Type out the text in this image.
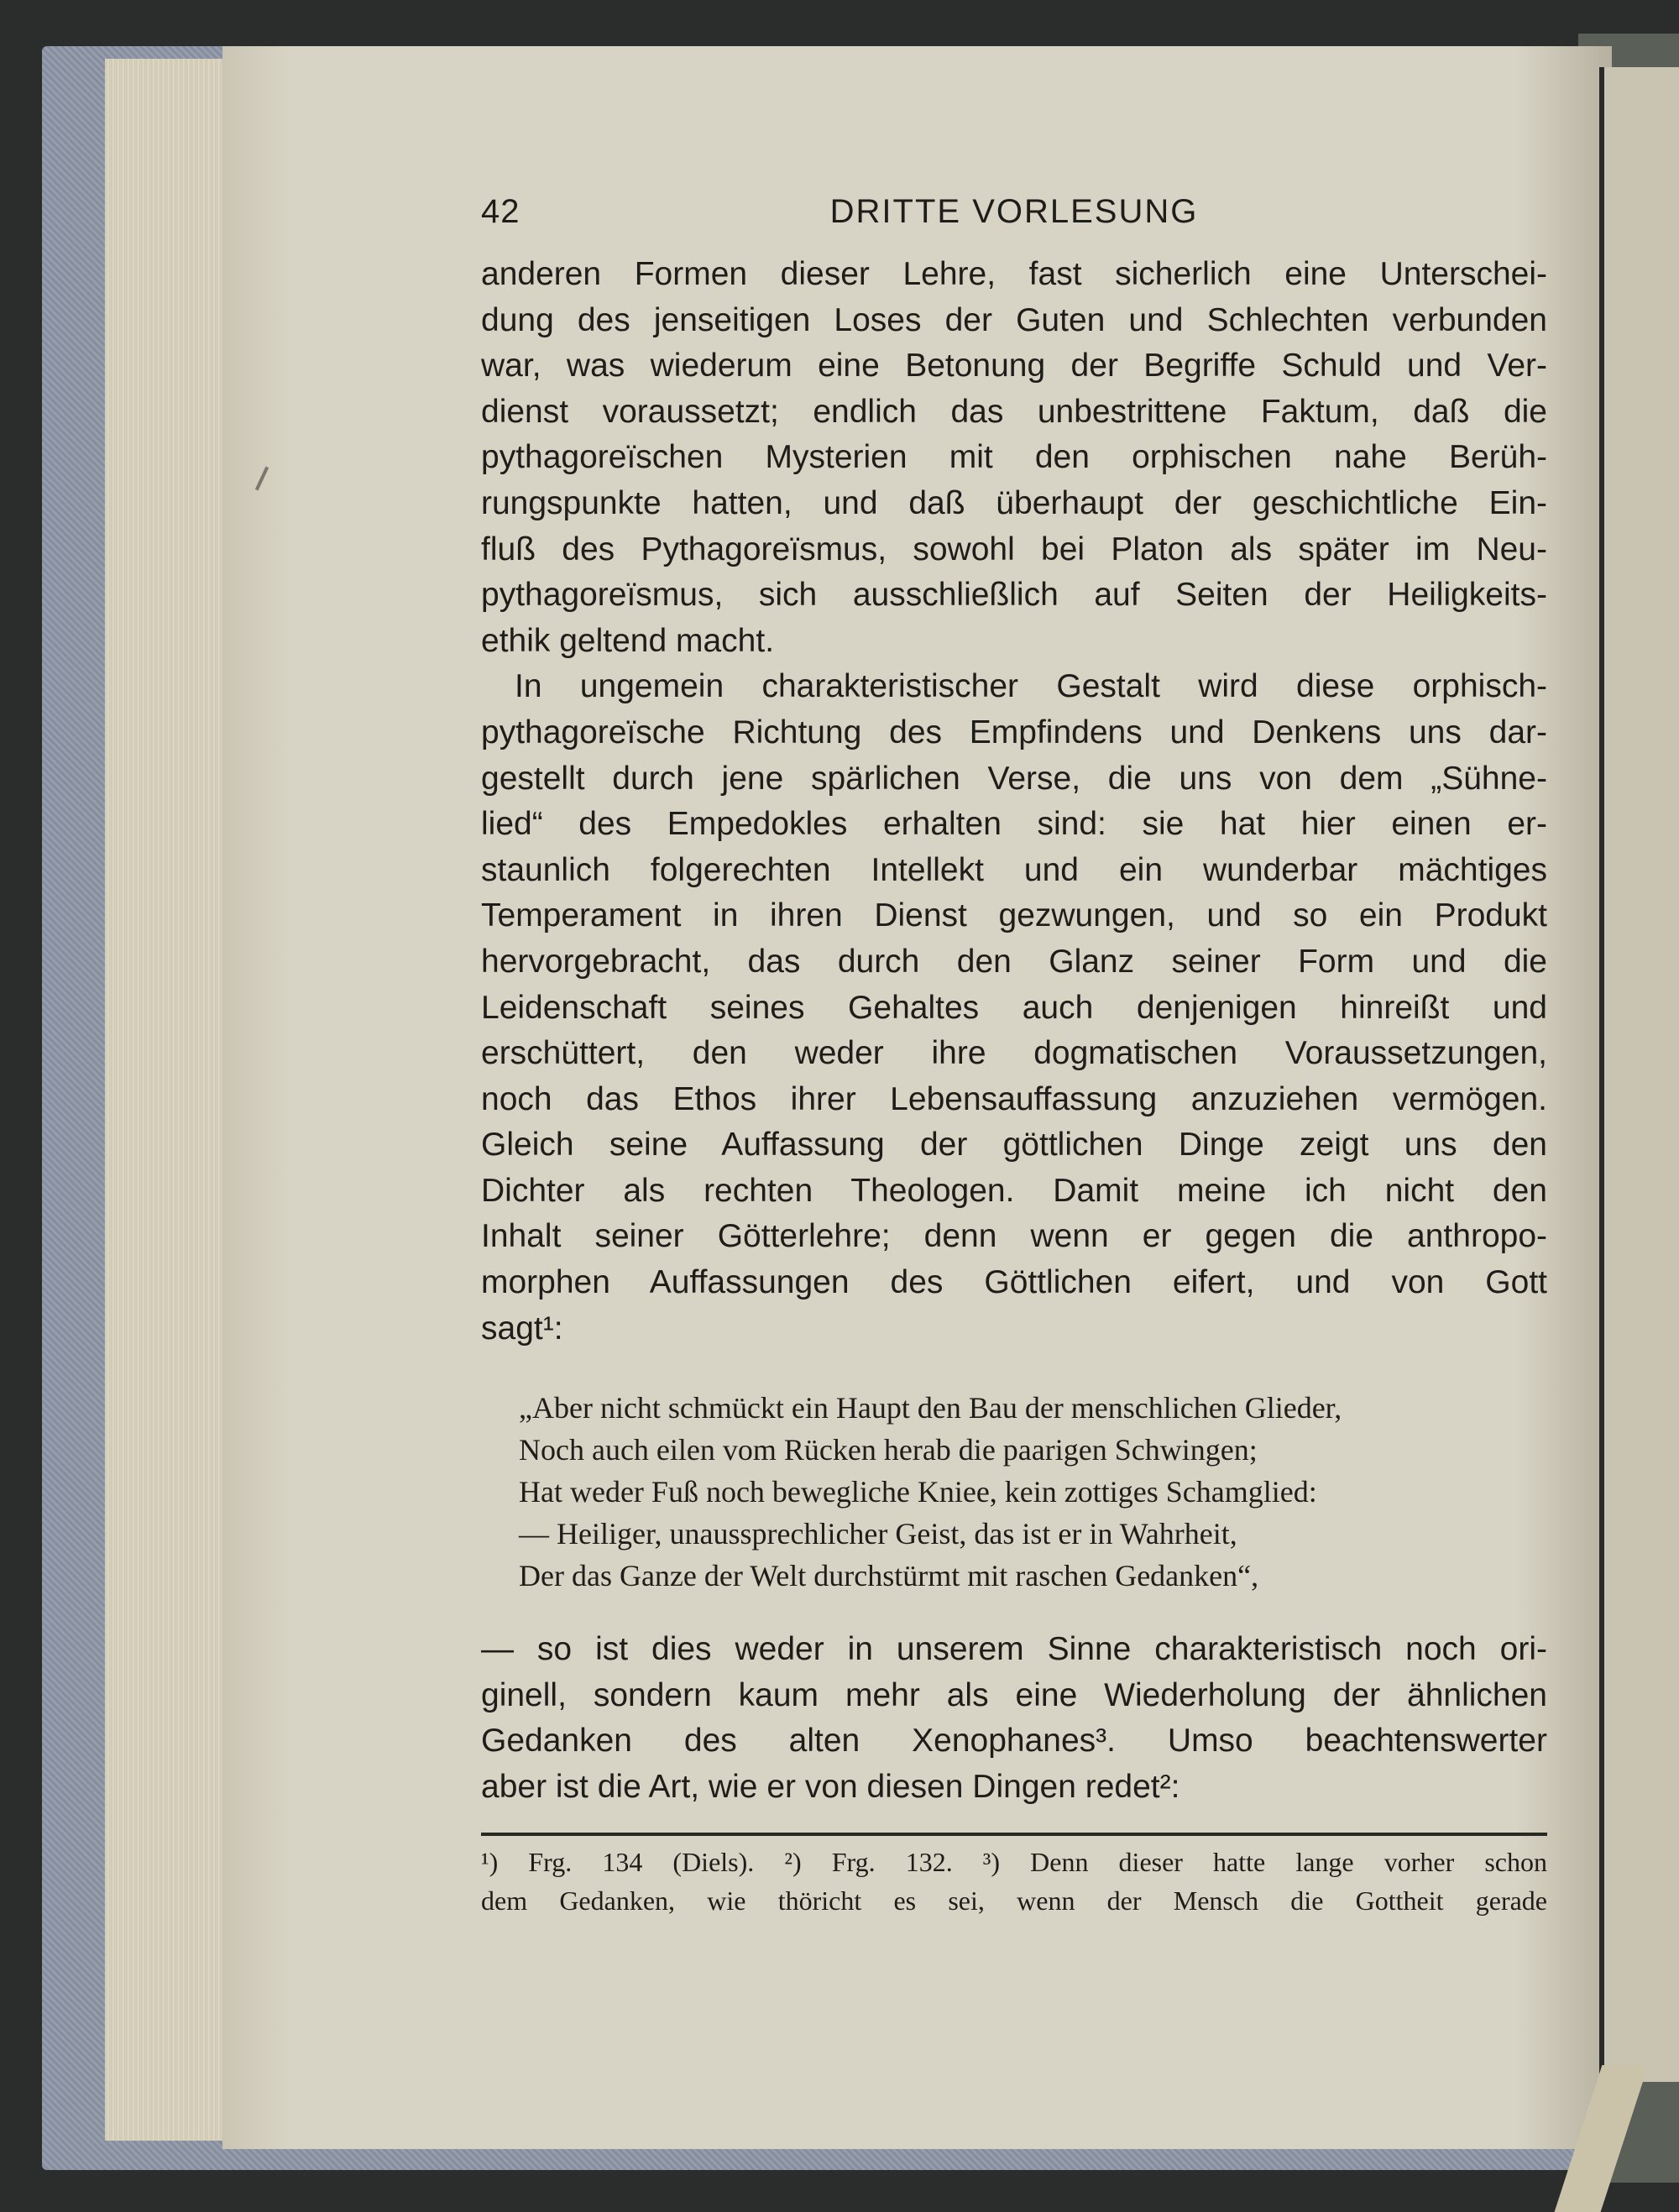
42	DRITTE VORLESUNG
anderen Formen dieser Lehre, fast sicherlich eine Unterschei-
dung des jenseitigen Loses der Guten und Schlechten verbunden
war, was wiederum eine Betonung der Begriffe Schuld und Ver-
dienst voraussetzt; endlich das unbestrittene Faktum, daß die
pythagoreïschen Mysterien mit den orphischen nahe Berüh-
rungspunkte hatten, und daß überhaupt der geschichtliche Ein-
fluß des Pythagoreïsmus, sowohl bei Platon als später im Neu-
pythagoreïsmus, sich ausschließlich auf Seiten der Heiligkeits-
ethik geltend macht.
In ungemein charakteristischer Gestalt wird diese orphisch-
pythagoreïsche Richtung des Empfindens und Denkens uns dar-
gestellt durch jene spärlichen Verse, die uns von dem „Sühne-
lied“ des Empedokles erhalten sind: sie hat hier einen er-
staunlich folgerechten Intellekt und ein wunderbar mächtiges
Temperament in ihren Dienst gezwungen, und so ein Produkt
hervorgebracht, das durch den Glanz seiner Form und die
Leidenschaft seines Gehaltes auch denjenigen hinreißt und
erschüttert, den weder ihre dogmatischen Voraussetzungen,
noch das Ethos ihrer Lebensauffassung anzuziehen vermögen.
Gleich seine Auffassung der göttlichen Dinge zeigt uns den
Dichter als rechten Theologen. Damit meine ich nicht den
Inhalt seiner Götterlehre; denn wenn er gegen die anthropo-
morphen Auffassungen des Göttlichen eifert, und von Gott
sagt¹:
„Aber nicht schmückt ein Haupt den Bau der menschlichen Glieder,
Noch auch eilen vom Rücken herab die paarigen Schwingen;
Hat weder Fuß noch bewegliche Kniee, kein zottiges Schamglied:
— Heiliger, unaussprechlicher Geist, das ist er in Wahrheit,
Der das Ganze der Welt durchstürmt mit raschen Gedanken“,
— so ist dies weder in unserem Sinne charakteristisch noch ori-
ginell, sondern kaum mehr als eine Wiederholung der ähnlichen
Gedanken des alten Xenophanes³. Umso beachtenswerter
aber ist die Art, wie er von diesen Dingen redet²:
¹) Frg. 134 (Diels). ²) Frg. 132. ³) Denn dieser hatte lange vorher schon
dem Gedanken, wie thöricht es sei, wenn der Mensch die Gottheit gerade
